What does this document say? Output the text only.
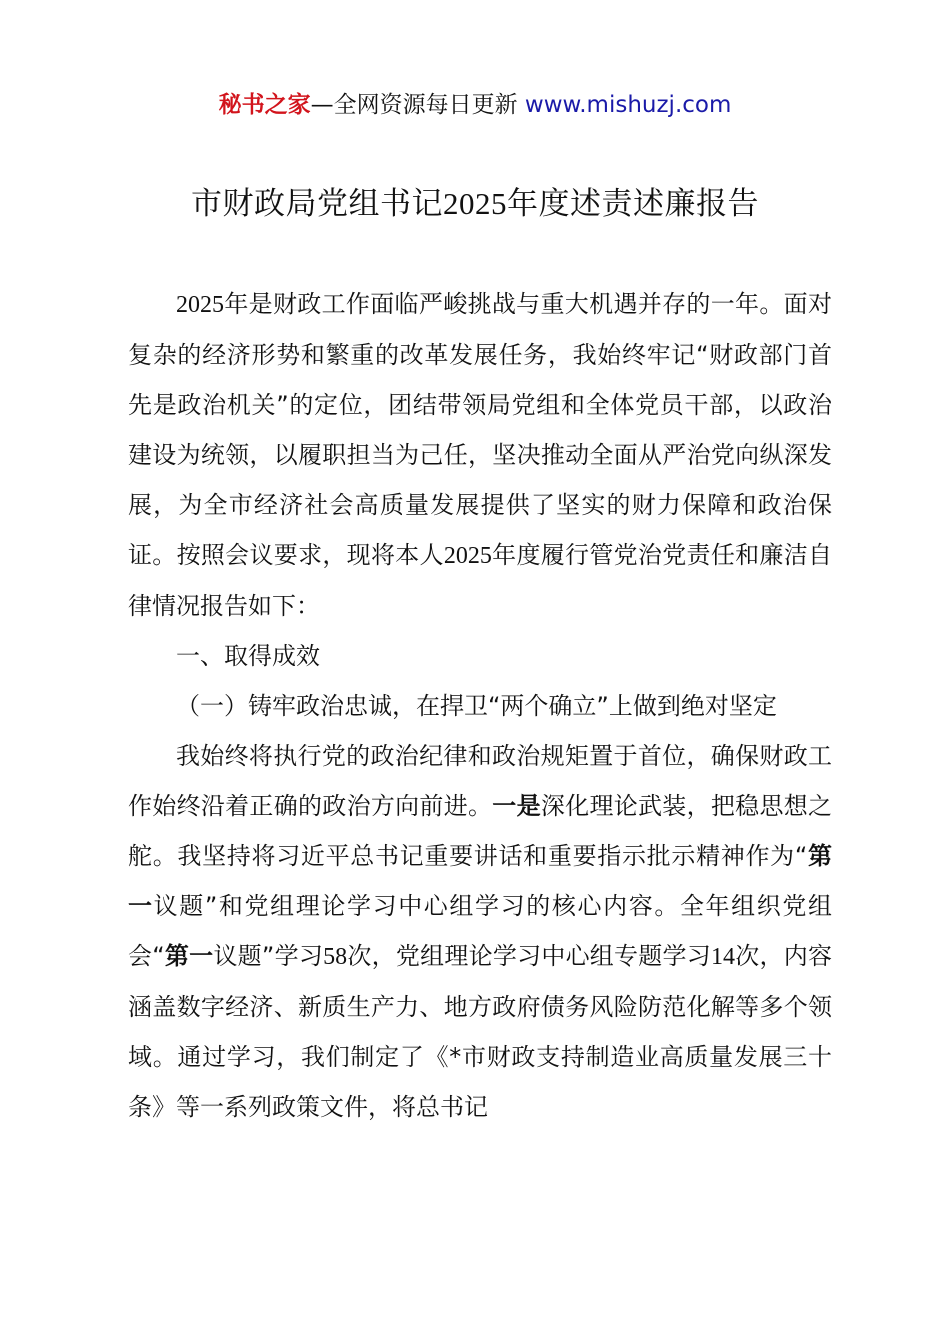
秘书之家—全网资源每日更新 www.mishuzj.com
市财政局党组书记2025年度述责述廉报告

2025年是财政工作面临严峻挑战与重大机遇并存的一年。面对复杂的经济形势和繁重的改革发展任务，我始终牢记“财政部门首先是政治机关”的定位，团结带领局党组和全体党员干部，以政治建设为统领，以履职担当为己任，坚决推动全面从严治党向纵深发展，为全市经济社会高质量发展提供了坚实的财力保障和政治保证。按照会议要求，现将本人2025年度履行管党治党责任和廉洁自律情况报告如下：

一、取得成效

（一）铸牢政治忠诚，在捍卫“两个确立”上做到绝对坚定

我始终将执行党的政治纪律和政治规矩置于首位，确保财政工作始终沿着正确的政治方向前进。一是深化理论武装，把稳思想之舵。我坚持将习近平总书记重要讲话和重要指示批示精神作为“第一议题”和党组理论学习中心组学习的核心内容。全年组织党组会“第一议题”学习58次，党组理论学习中心组专题学习14次，内容涵盖数字经济、新质生产力、地方政府债务风险防范化解等多个领域。通过学习，我们制定了《*市财政支持制造业高质量发展三十条》等一系列政策文件，将总书记
